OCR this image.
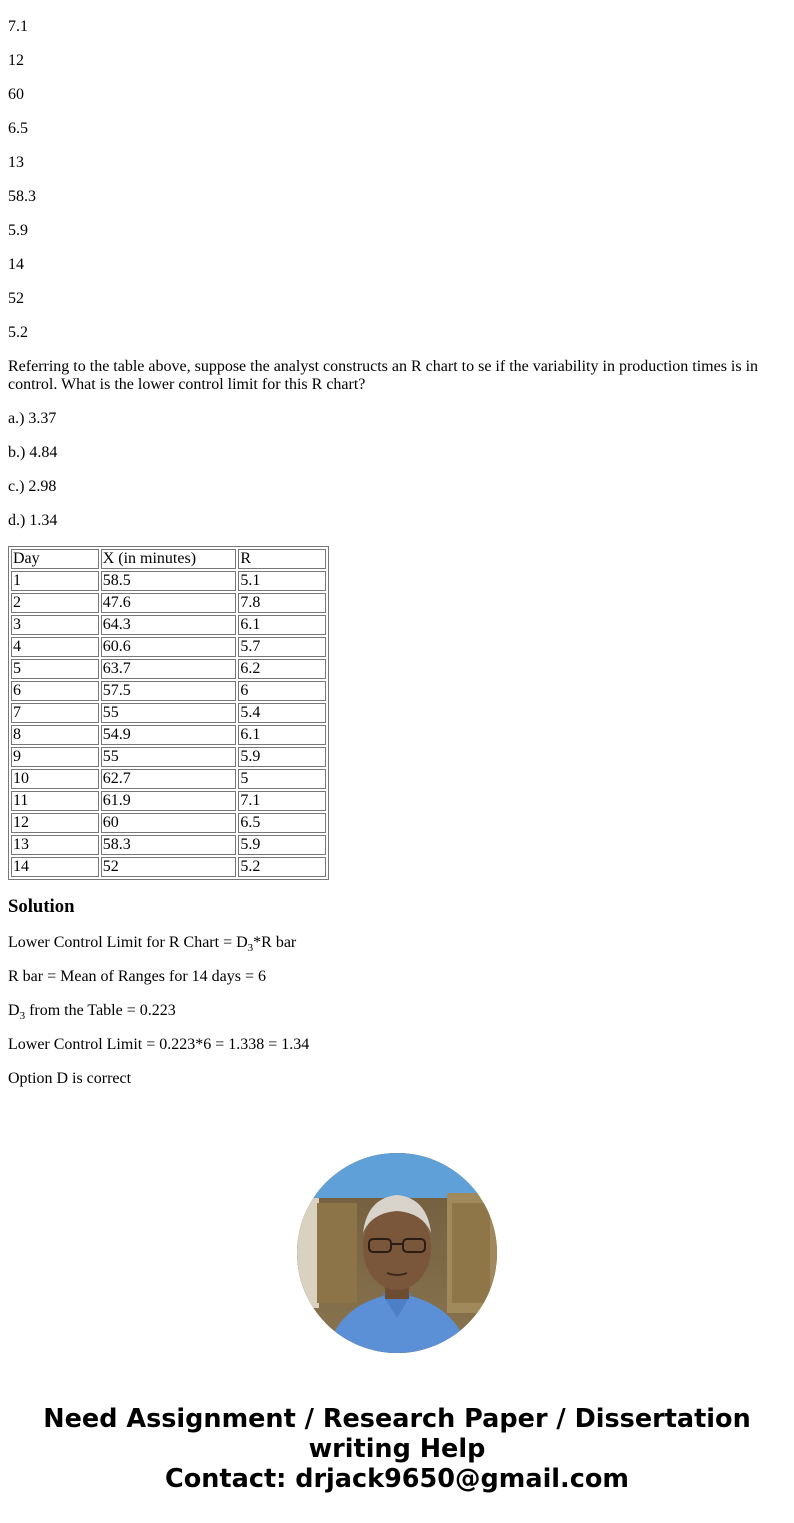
7.1

12

60

6.5

13

58.3

5.9

14

52

5.2

Referring to the table above, suppose the analyst constructs an R chart to se if the variability in production times is in control. What is the lower control limit for this R chart?

a.) 3.37

b.) 4.84

c.) 2.98

d.) 1.34

Day	X (in minutes)	R
1	58.5	5.1
2	47.6	7.8
3	64.3	6.1
4	60.6	5.7
5	63.7	6.2
6	57.5	6
7	55	5.4
8	54.9	6.1
9	55	5.9
10	62.7	5
11	61.9	7.1
12	60	6.5
13	58.3	5.9
14	52	5.2
Solution

Lower Control Limit for R Chart = $D_3*R$ bar

R bar = Mean of Ranges for 14 days = 6

$D_3$ from the Table = 0.223

Lower Control Limit = 0.223*6 = 1.338 = 1.34

Option D is correct

Need Assignment / Research Paper / Dissertation
writing Help
Contact: drjack9650@gmail.com
